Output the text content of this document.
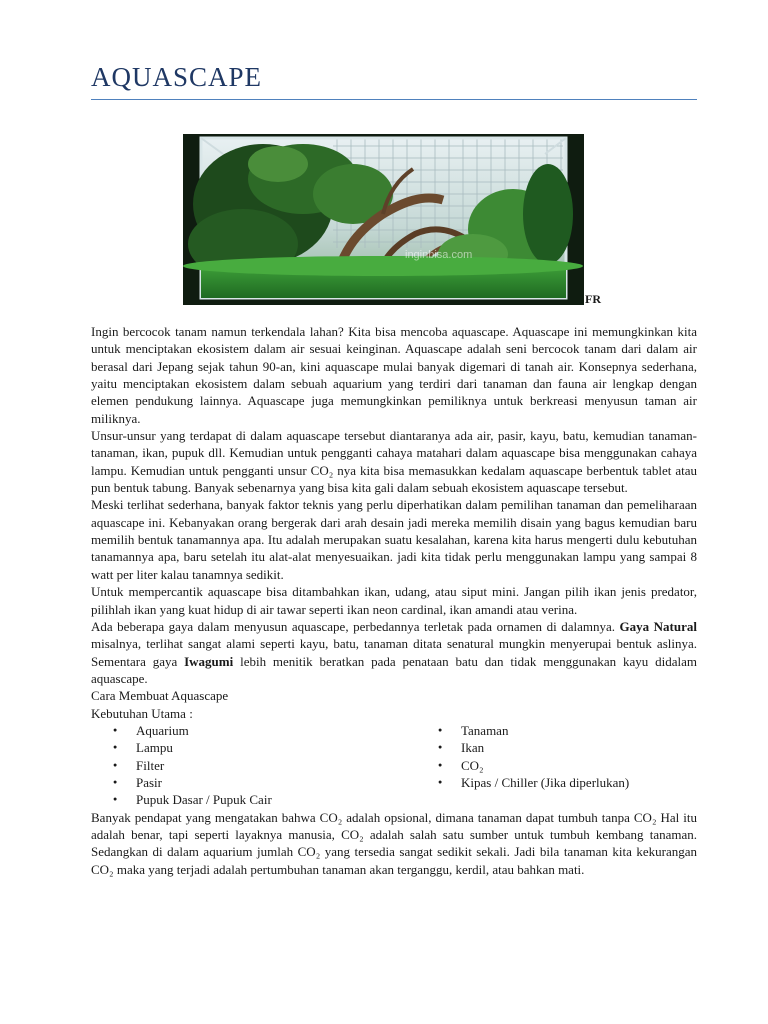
AQUASCAPE
inginbisa.com
FR

Ingin bercocok tanam namun terkendala lahan? Kita bisa mencoba aquascape. Aquascape ini memungkinkan kita untuk menciptakan ekosistem dalam air sesuai keinginan. Aquascape adalah seni bercocok tanam dari dalam air berasal dari Jepang sejak tahun 90-an, kini aquascape mulai banyak digemari di tanah air. Konsepnya sederhana, yaitu menciptakan ekosistem dalam sebuah aquarium yang terdiri dari tanaman dan fauna air lengkap dengan elemen pendukung lainnya. Aquascape juga memungkinkan pemiliknya untuk berkreasi menyusun taman air miliknya.

Unsur-unsur yang terdapat di dalam aquascape tersebut diantaranya ada air, pasir, kayu, batu, kemudian tanaman-tanaman, ikan, pupuk dll. Kemudian untuk pengganti cahaya matahari dalam aquascape bisa menggunakan cahaya lampu. Kemudian untuk pengganti unsur CO₂ nya kita bisa memasukkan kedalam aquascape berbentuk tablet atau pun bentuk tabung. Banyak sebenarnya yang bisa kita gali dalam sebuah ekosistem aquascape tersebut.

Meski terlihat sederhana, banyak faktor teknis yang perlu diperhatikan dalam pemilihan tanaman dan pemeliharaan aquascape ini. Kebanyakan orang bergerak dari arah desain jadi mereka memilih disain yang bagus kemudian baru memilih bentuk tanamannya apa. Itu adalah merupakan suatu kesalahan, karena kita harus mengerti dulu kebutuhan tanamannya apa, baru setelah itu alat-alat menyesuaikan. jadi kita tidak perlu menggunakan lampu yang sampai 8 watt per liter kalau tanamnya sedikit.

Untuk mempercantik aquascape bisa ditambahkan ikan, udang, atau siput mini. Jangan pilih ikan jenis predator, pilihlah ikan yang kuat hidup di air tawar seperti ikan neon cardinal, ikan amandi atau verina.

Ada beberapa gaya dalam menyusun aquascape, perbedannya terletak pada ornamen di dalamnya. Gaya Natural misalnya, terlihat sangat alami seperti kayu, batu, tanaman ditata senatural mungkin menyerupai bentuk aslinya. Sementara gaya Iwagumi lebih menitik beratkan pada penataan batu dan tidak menggunakan kayu didalam aquascape.

Cara Membuat Aquascape

Kebutuhan Utama :

● Aquarium
● Lampu
● Filter
● Pasir
● Pupuk Dasar / Pupuk Cair
● Tanaman
● Ikan
● CO₂
● Kipas / Chiller (Jika diperlukan)

Banyak pendapat yang mengatakan bahwa CO₂ adalah opsional, dimana tanaman dapat tumbuh tanpa CO₂ Hal itu adalah benar, tapi seperti layaknya manusia, CO₂ adalah salah satu sumber untuk tumbuh kembang tanaman. Sedangkan di dalam aquarium jumlah CO₂ yang tersedia sangat sedikit sekali. Jadi bila tanaman kita kekurangan CO₂ maka yang terjadi adalah pertumbuhan tanaman akan terganggu, kerdil, atau bahkan mati.
